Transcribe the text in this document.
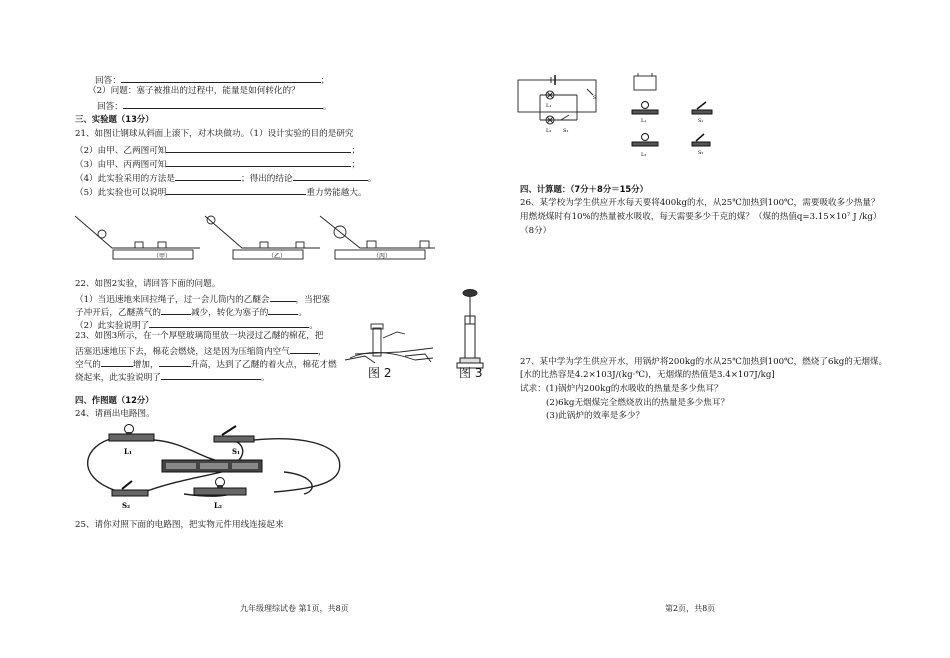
回答：	；
（2）问题：塞子被推出的过程中，能量是如何转化的？
回答：	。
三、实验题（13分）
21、如图让钢球从斜面上滚下，对木块做功。（1）设计实验的目的是研究
（2）由甲、乙两图可知	；
（3）由甲、丙两图可知	；
（4）此实验采用的方法是	；得出的结论	。
（5）此实验也可以说明	重力势能越大。
（甲）	（乙）	（丙）
22、如图2实验，请回答下面的问题。
（1）当迅速地来回拉绳子，过一会儿筒内的乙醚会	，当把塞
子冲开后，乙醚蒸气的	减少，转化为塞子的	。
（2）此实验说明了	。
23、如图3所示，在一个厚壁玻璃筒里放一块浸过乙醚的棉花，把
活塞迅速地压下去，棉花会燃烧，这是因为压缩筒内空气	，
空气的	增加，	升高，达到了乙醚的着火点，棉花才燃
烧起来，此实验说明了	。	图 2	图 3
四、作图题（12分）
24、请画出电路图。
L₁	S₁
S₂	L₂
25、请你对照下面的电路图，把实物元件用线连接起来
九年级理综试卷 第1页，共8页
S
L₁
L₂ S₂
L₁	S₁
L₂	S₂
四、计算题：（7分＋8分＝15分）
26、某学校为学生供应开水每天要将400kg的水，从25℃加热到100℃，需要吸收多少热量？
用燃烧煤时有10%的热量被水吸收，每天需要多少千克的煤？（煤的热值q=3.15×10⁷ J /kg）
（8分）
27、某中学为学生供应开水，用锅炉将200kg的水从25℃加热到100℃，燃烧了6kg的无烟煤。
[水的比热容是4.2×103J/(kg·℃)，无烟煤的热值是3.4×107J/kg]
试求：(1)锅炉内200kg的水吸收的热量是多少焦耳？
(2)6kg无烟煤完全燃烧放出的热量是多少焦耳？
(3)此锅炉的效率是多少？
第2页，共8页
